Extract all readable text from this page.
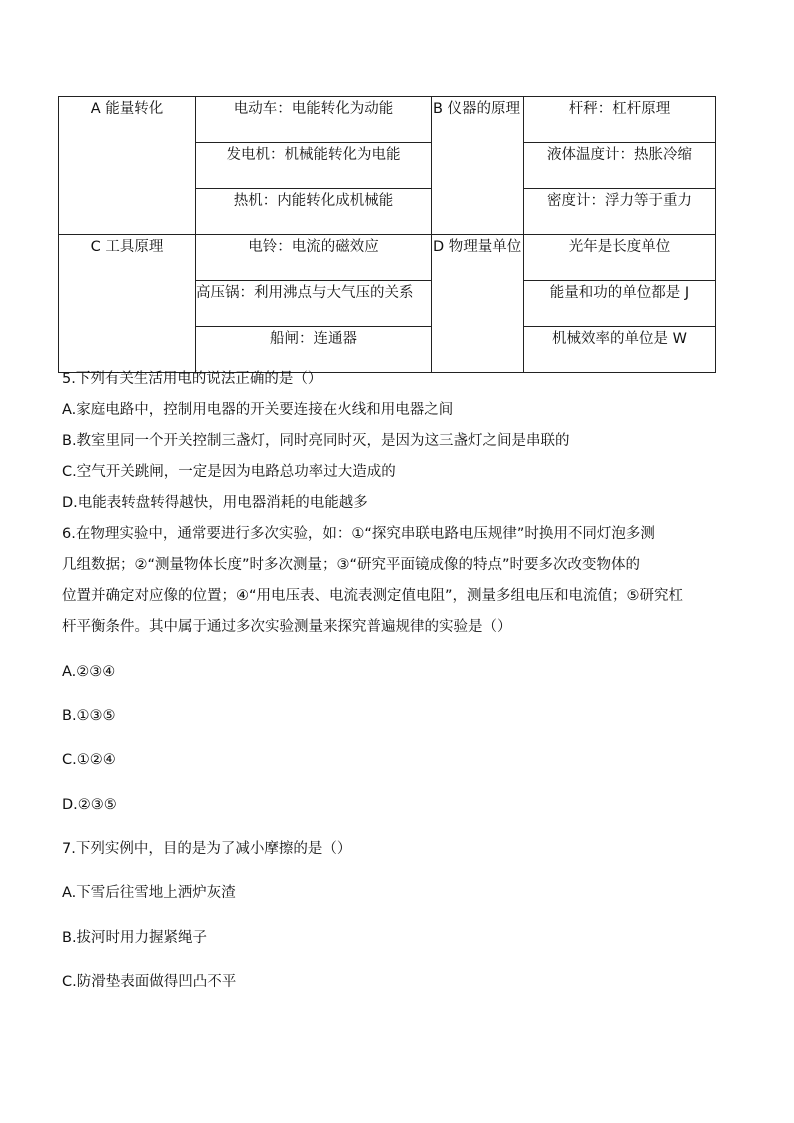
A 能量转化	电动车：电能转化为动能	B 仪器的原理	杆秤：杠杆原理
	发电机：机械能转化为电能		液体温度计：热胀冷缩
	热机：内能转化成机械能		密度计：浮力等于重力
C 工具原理	电铃：电流的磁效应	D 物理量单位	光年是长度单位
	高压锅：利用沸点与大气压的关系		能量和功的单位都是 J
	船闸：连通器		机械效率的单位是 W
5.下列有关生活用电的说法正确的是（）
A.家庭电路中，控制用电器的开关要连接在火线和用电器之间
B.教室里同一个开关控制三盏灯，同时亮同时灭，是因为这三盏灯之间是串联的
C.空气开关跳闸，一定是因为电路总功率过大造成的
D.电能表转盘转得越快，用电器消耗的电能越多
6.在物理实验中，通常要进行多次实验，如：①“探究串联电路电压规律”时换用不同灯泡多测
几组数据；②“测量物体长度”时多次测量；③“研究平面镜成像的特点”时要多次改变物体的
位置并确定对应像的位置；④“用电压表、电流表测定值电阻”，测量多组电压和电流值；⑤研究杠
杆平衡条件。其中属于通过多次实验测量来探究普遍规律的实验是（）
A.②③④
B.①③⑤
C.①②④
D.②③⑤
7.下列实例中，目的是为了减小摩擦的是（）
A.下雪后往雪地上洒炉灰渣
B.拔河时用力握紧绳子
C.防滑垫表面做得凹凸不平
